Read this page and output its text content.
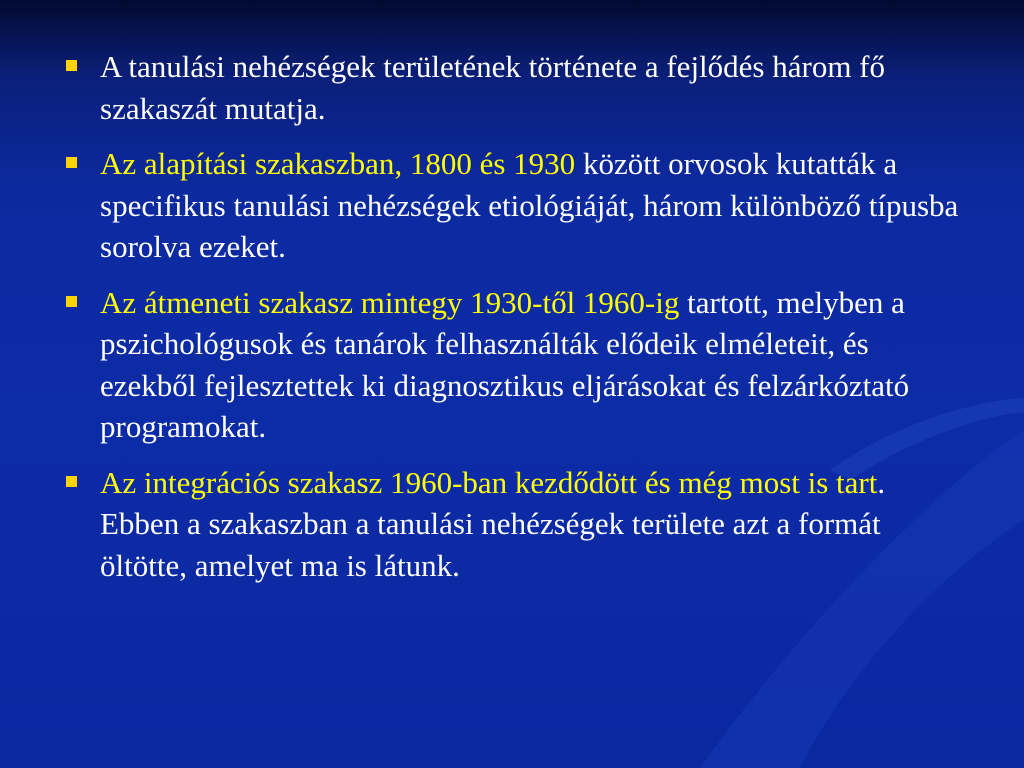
A tanulási nehézségek területének története a fejlődés három fő szakaszát mutatja.
Az alapítási szakaszban, 1800 és 1930 között orvosok kutatták a specifikus tanulási nehézségek etiológiáját, három különböző típusba sorolva ezeket.
Az átmeneti szakasz mintegy 1930-től 1960-ig tartott, melyben a pszichológusok és tanárok felhasználták elődeik elméleteit, és ezekből fejlesztettek ki diagnosztikus eljárásokat és felzárkóztató programokat.
Az integrációs szakasz 1960-ban kezdődött és még most is tart. Ebben a szakaszban a tanulási nehézségek területe azt a formát öltötte, amelyet ma is látunk.
